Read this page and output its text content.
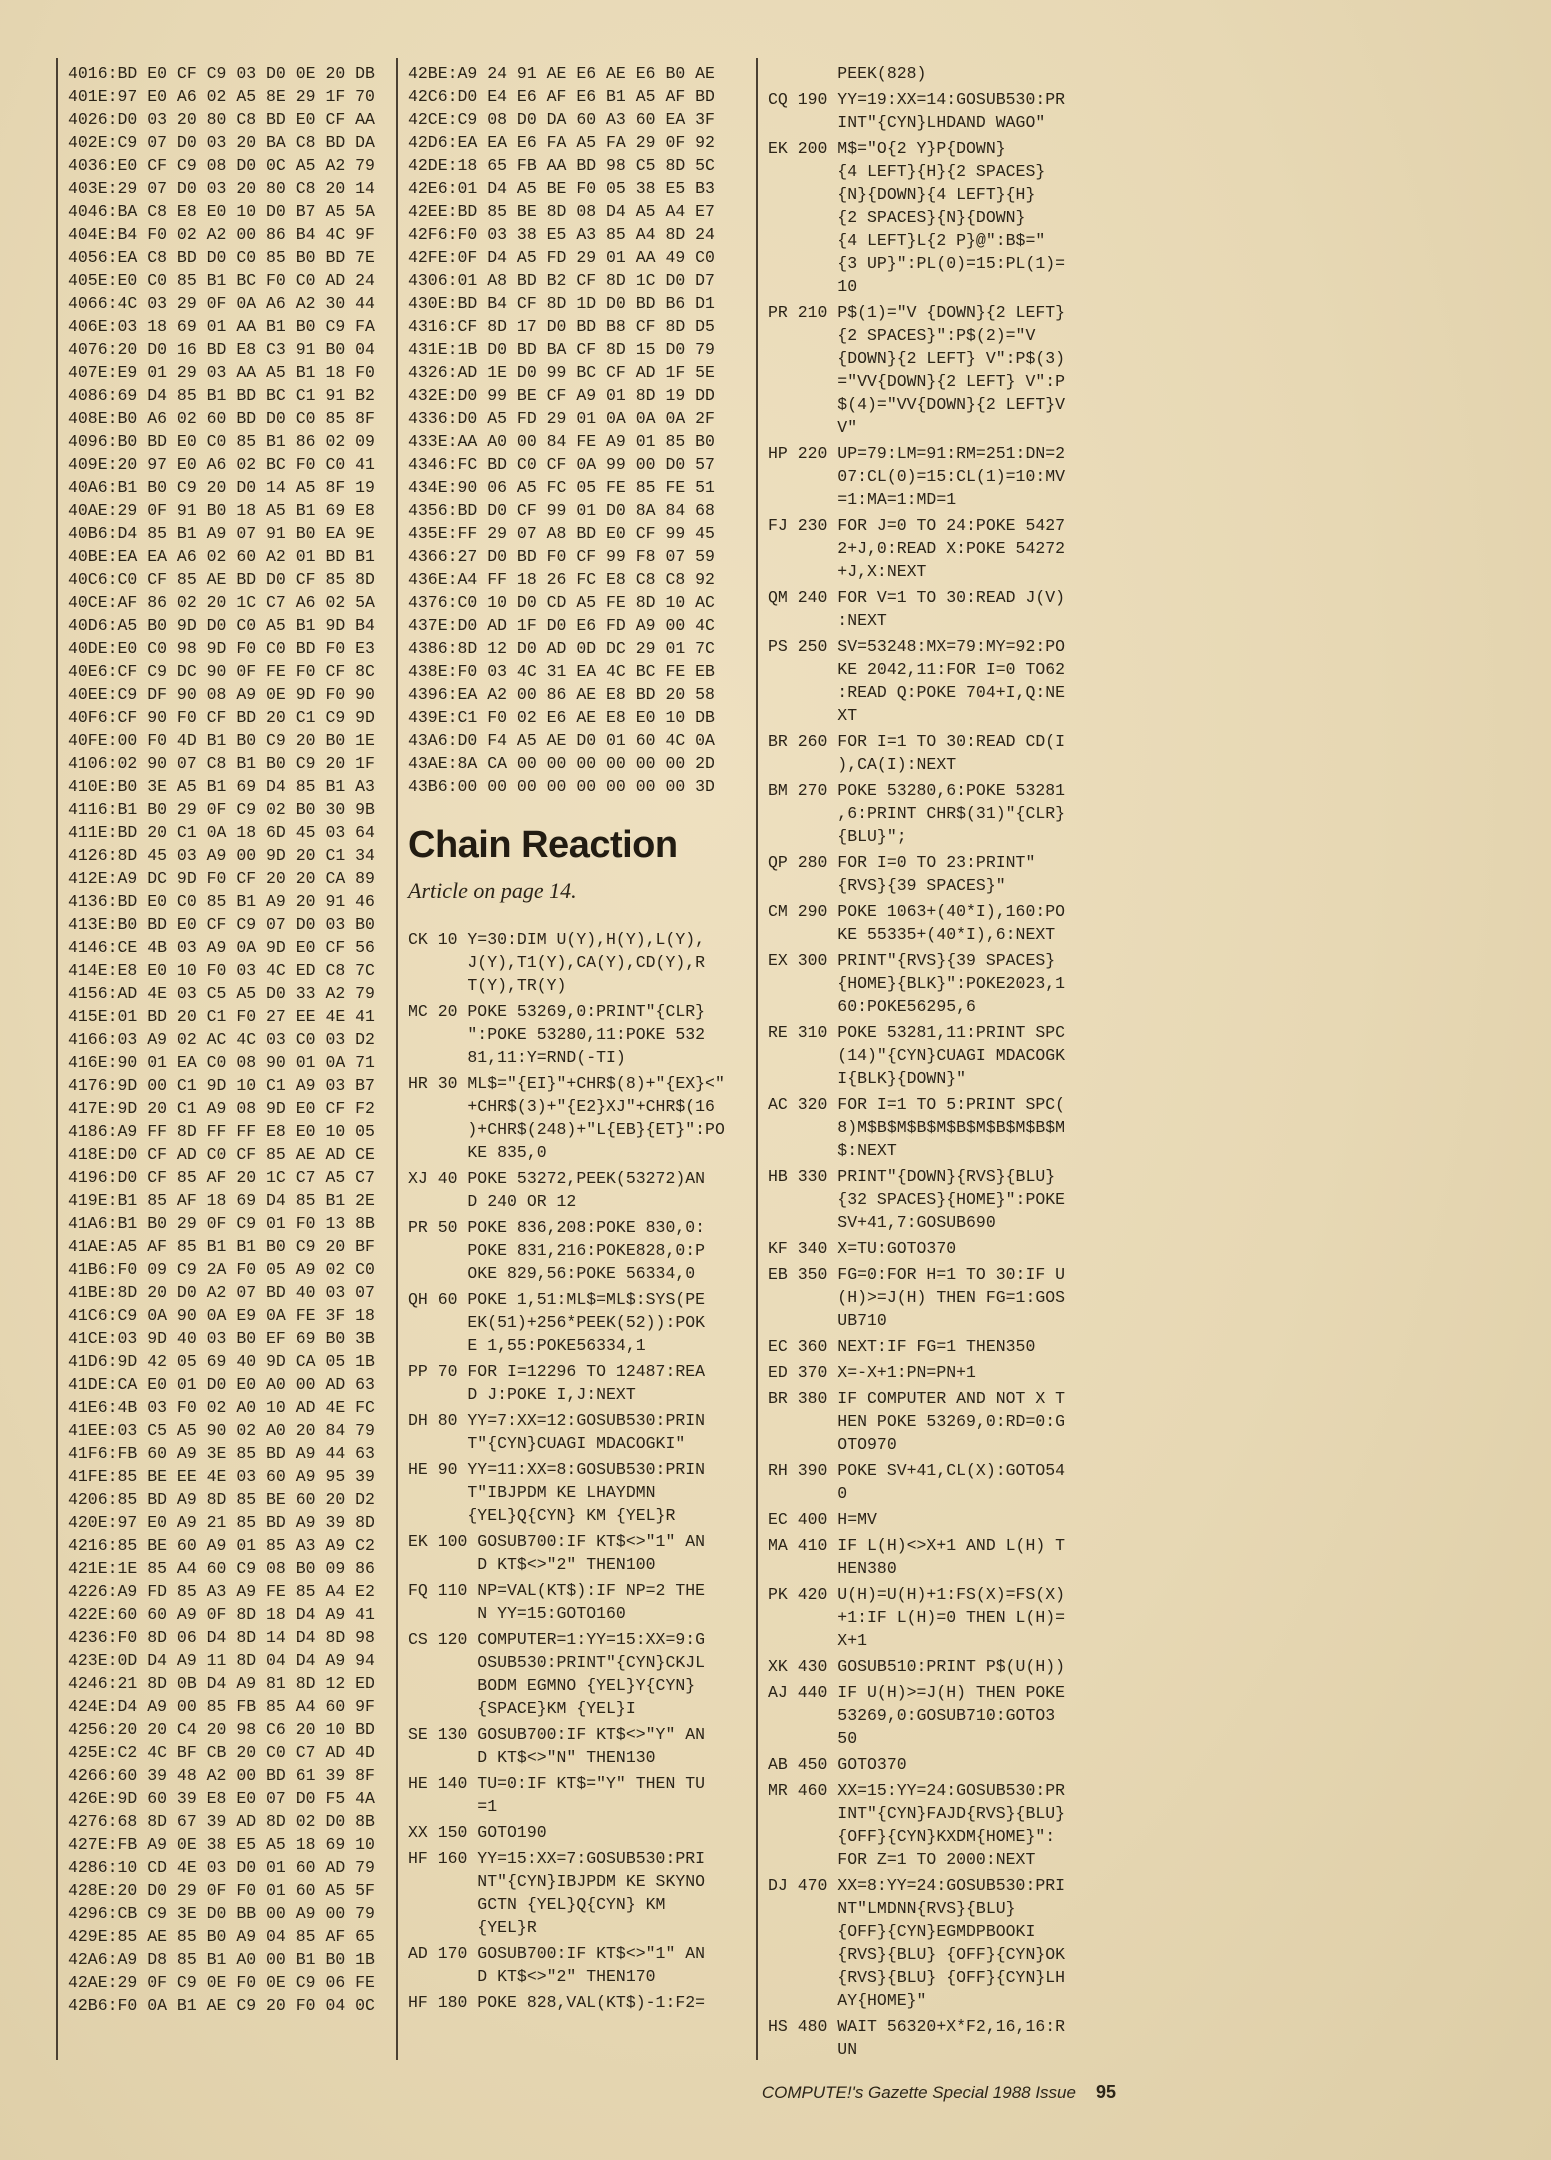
4016:BD E0 CF C9 03 D0 0E 20 DB
401E:97 E0 A6 02 A5 8E 29 1F 70
4026:D0 03 20 80 C8 BD E0 CF AA
402E:C9 07 D0 03 20 BA C8 BD DA
4036:E0 CF C9 08 D0 0C A5 A2 79
403E:29 07 D0 03 20 80 C8 20 14
4046:BA C8 E8 E0 10 D0 B7 A5 5A
404E:B4 F0 02 A2 00 86 B4 4C 9F
4056:EA C8 BD D0 C0 85 B0 BD 7E
405E:E0 C0 85 B1 BC F0 C0 AD 24
4066:4C 03 29 0F 0A A6 A2 30 44
406E:03 18 69 01 AA B1 B0 C9 FA
4076:20 D0 16 BD E8 C3 91 B0 04
407E:E9 01 29 03 AA A5 B1 18 F0
4086:69 D4 85 B1 BD BC C1 91 B2
408E:B0 A6 02 60 BD D0 C0 85 8F
4096:B0 BD E0 C0 85 B1 86 02 09
409E:20 97 E0 A6 02 BC F0 C0 41
40A6:B1 B0 C9 20 D0 14 A5 8F 19
40AE:29 0F 91 B0 18 A5 B1 69 E8
40B6:D4 85 B1 A9 07 91 B0 EA 9E
40BE:EA EA A6 02 60 A2 01 BD B1
40C6:C0 CF 85 AE BD D0 CF 85 8D
40CE:AF 86 02 20 1C C7 A6 02 5A
40D6:A5 B0 9D D0 C0 A5 B1 9D B4
40DE:E0 C0 98 9D F0 C0 BD F0 E3
40E6:CF C9 DC 90 0F FE F0 CF 8C
40EE:C9 DF 90 08 A9 0E 9D F0 90
40F6:CF 90 F0 CF BD 20 C1 C9 9D
40FE:00 F0 4D B1 B0 C9 20 B0 1E
4106:02 90 07 C8 B1 B0 C9 20 1F
410E:B0 3E A5 B1 69 D4 85 B1 A3
4116:B1 B0 29 0F C9 02 B0 30 9B
411E:BD 20 C1 0A 18 6D 45 03 64
4126:8D 45 03 A9 00 9D 20 C1 34
412E:A9 DC 9D F0 CF 20 20 CA 89
4136:BD E0 C0 85 B1 A9 20 91 46
413E:B0 BD E0 CF C9 07 D0 03 B0
4146:CE 4B 03 A9 0A 9D E0 CF 56
414E:E8 E0 10 F0 03 4C ED C8 7C
4156:AD 4E 03 C5 A5 D0 33 A2 79
415E:01 BD 20 C1 F0 27 EE 4E 41
4166:03 A9 02 AC 4C 03 C0 03 D2
416E:90 01 EA C0 08 90 01 0A 71
4176:9D 00 C1 9D 10 C1 A9 03 B7
417E:9D 20 C1 A9 08 9D E0 CF F2
4186:A9 FF 8D FF FF E8 E0 10 05
418E:D0 CF AD C0 CF 85 AE AD CE
4196:D0 CF 85 AF 20 1C C7 A5 C7
419E:B1 85 AF 18 69 D4 85 B1 2E
41A6:B1 B0 29 0F C9 01 F0 13 8B
41AE:A5 AF 85 B1 B1 B0 C9 20 BF
41B6:F0 09 C9 2A F0 05 A9 02 C0
41BE:8D 20 D0 A2 07 BD 40 03 07
41C6:C9 0A 90 0A E9 0A FE 3F 18
41CE:03 9D 40 03 B0 EF 69 B0 3B
41D6:9D 42 05 69 40 9D CA 05 1B
41DE:CA E0 01 D0 E0 A0 00 AD 63
41E6:4B 03 F0 02 A0 10 AD 4E FC
41EE:03 C5 A5 90 02 A0 20 84 79
41F6:FB 60 A9 3E 85 BD A9 44 63
41FE:85 BE EE 4E 03 60 A9 95 39
4206:85 BD A9 8D 85 BE 60 20 D2
420E:97 E0 A9 21 85 BD A9 39 8D
4216:85 BE 60 A9 01 85 A3 A9 C2
421E:1E 85 A4 60 C9 08 B0 09 86
4226:A9 FD 85 A3 A9 FE 85 A4 E2
422E:60 60 A9 0F 8D 18 D4 A9 41
4236:F0 8D 06 D4 8D 14 D4 8D 98
423E:0D D4 A9 11 8D 04 D4 A9 94
4246:21 8D 0B D4 A9 81 8D 12 ED
424E:D4 A9 00 85 FB 85 A4 60 9F
4256:20 20 C4 20 98 C6 20 10 BD
425E:C2 4C BF CB 20 C0 C7 AD 4D
4266:60 39 48 A2 00 BD 61 39 8F
426E:9D 60 39 E8 E0 07 D0 F5 4A
4276:68 8D 67 39 AD 8D 02 D0 8B
427E:FB A9 0E 38 E5 A5 18 69 10
4286:10 CD 4E 03 D0 01 60 AD 79
428E:20 D0 29 0F F0 01 60 A5 5F
4296:CB C9 3E D0 BB 00 A9 00 79
429E:85 AE 85 B0 A9 04 85 AF 65
42A6:A9 D8 85 B1 A0 00 B1 B0 1B
42AE:29 0F C9 0E F0 0E C9 06 FE
42B6:F0 0A B1 AE C9 20 F0 04 0C
42BE:A9 24 91 AE E6 AE E6 B0 AE
42C6:D0 E4 E6 AF E6 B1 A5 AF BD
42CE:C9 08 D0 DA 60 A3 60 EA 3F
42D6:EA EA E6 FA A5 FA 29 0F 92
42DE:18 65 FB AA BD 98 C5 8D 5C
42E6:01 D4 A5 BE F0 05 38 E5 B3
42EE:BD 85 BE 8D 08 D4 A5 A4 E7
42F6:F0 03 38 E5 A3 85 A4 8D 24
42FE:0F D4 A5 FD 29 01 AA 49 C0
4306:01 A8 BD B2 CF 8D 1C D0 D7
430E:BD B4 CF 8D 1D D0 BD B6 D1
4316:CF 8D 17 D0 BD B8 CF 8D D5
431E:1B D0 BD BA CF 8D 15 D0 79
4326:AD 1E D0 99 BC CF AD 1F 5E
432E:D0 99 BE CF A9 01 8D 19 DD
4336:D0 A5 FD 29 01 0A 0A 0A 2F
433E:AA A0 00 84 FE A9 01 85 B0
4346:FC BD C0 CF 0A 99 00 D0 57
434E:90 06 A5 FC 05 FE 85 FE 51
4356:BD D0 CF 99 01 D0 8A 84 68
435E:FF 29 07 A8 BD E0 CF 99 45
4366:27 D0 BD F0 CF 99 F8 07 59
436E:A4 FF 18 26 FC E8 C8 C8 92
4376:C0 10 D0 CD A5 FE 8D 10 AC
437E:D0 AD 1F D0 E6 FD A9 00 4C
4386:8D 12 D0 AD 0D DC 29 01 7C
438E:F0 03 4C 31 EA 4C BC FE EB
4396:EA A2 00 86 AE E8 BD 20 58
439E:C1 F0 02 E6 AE E8 E0 10 DB
43A6:D0 F4 A5 AE D0 01 60 4C 0A
43AE:8A CA 00 00 00 00 00 00 2D
43B6:00 00 00 00 00 00 00 00 3D
Chain Reaction
Article on page 14.
CK 10 Y=30:DIM U(Y),H(Y),L(Y),
J(Y),T1(Y),CA(Y),CD(Y),R
T(Y),TR(Y)
MC 20 POKE 53269,0:PRINT"{CLR}
":POKE 53280,11:POKE 532
81,11:Y=RND(-TI)
HR 30 ML$="{EI}"+CHR$(8)+"{EX}<"
+CHR$(3)+"{E2}XJ"+CHR$(16
)+CHR$(248)+"L{EB}{ET}":PO
KE 835,0
XJ 40 POKE 53272,PEEK(53272)AN
D 240 OR 12
PR 50 POKE 836,208:POKE 830,0:
POKE 831,216:POKE828,0:P
OKE 829,56:POKE 56334,0
QH 60 POKE 1,51:ML$=ML$:SYS(PE
EK(51)+256*PEEK(52)):POK
E 1,55:POKE56334,1
PP 70 FOR I=12296 TO 12487:REA
D J:POKE I,J:NEXT
DH 80 YY=7:XX=12:GOSUB530:PRIN
T"{CYN}CUAGI MDACOGKI"
HE 90 YY=11:XX=8:GOSUB530:PRIN
T"IBJPDM KE LHAYDMN
{YEL}Q{CYN} KM {YEL}R
EK 100 GOSUB700:IF KT$<>"1" AN
D KT$<>"2" THEN100
FQ 110 NP=VAL(KT$):IF NP=2 THE
N YY=15:GOTO160
CS 120 COMPUTER=1:YY=15:XX=9:G
OSUB530:PRINT"{CYN}CKJL
BODM EGMNO {YEL}Y{CYN}
{SPACE}KM {YEL}I
SE 130 GOSUB700:IF KT$<>"Y" AN
D KT$<>"N" THEN130
HE 140 TU=0:IF KT$="Y" THEN TU
=1
XX 150 GOTO190
HF 160 YY=15:XX=7:GOSUB530:PRI
NT"{CYN}IBJPDM KE SKYNO
GCTN {YEL}Q{CYN} KM
{YEL}R
AD 170 GOSUB700:IF KT$<>"1" AN
D KT$<>"2" THEN170
HF 180 POKE 828,VAL(KT$)-1:F2=
PEEK(828)
CQ 190 YY=19:XX=14:GOSUB530:PR
INT"{CYN}LHDAND WAGO"
EK 200 M$="O{2 Y}P{DOWN}
{4 LEFT}{H}{2 SPACES}
{N}{DOWN}{4 LEFT}{H}
{2 SPACES}{N}{DOWN}
{4 LEFT}L{2 P}@":B$="
{3 UP}":PL(0)=15:PL(1)=
10
PR 210 P$(1)="V {DOWN}{2 LEFT}
{2 SPACES}":P$(2)="V
{DOWN}{2 LEFT} V":P$(3)
="VV{DOWN}{2 LEFT} V":P
$(4)="VV{DOWN}{2 LEFT}V
V"
HP 220 UP=79:LM=91:RM=251:DN=2
07:CL(0)=15:CL(1)=10:MV
=1:MA=1:MD=1
FJ 230 FOR J=0 TO 24:POKE 5427
2+J,0:READ X:POKE 54272
+J,X:NEXT
QM 240 FOR V=1 TO 30:READ J(V)
:NEXT
PS 250 SV=53248:MX=79:MY=92:PO
KE 2042,11:FOR I=0 TO62
:READ Q:POKE 704+I,Q:NE
XT
BR 260 FOR I=1 TO 30:READ CD(I
),CA(I):NEXT
BM 270 POKE 53280,6:POKE 53281
,6:PRINT CHR$(31)"{CLR}
{BLU}";
QP 280 FOR I=0 TO 23:PRINT"
{RVS}{39 SPACES}"
CM 290 POKE 1063+(40*I),160:PO
KE 55335+(40*I),6:NEXT
EX 300 PRINT"{RVS}{39 SPACES}
{HOME}{BLK}":POKE2023,1
60:POKE56295,6
RE 310 POKE 53281,11:PRINT SPC
(14)"{CYN}CUAGI MDACOGK
I{BLK}{DOWN}"
AC 320 FOR I=1 TO 5:PRINT SPC(
8)M$B$M$B$M$B$M$B$M$B$M
$:NEXT
HB 330 PRINT"{DOWN}{RVS}{BLU}
{32 SPACES}{HOME}":POKE
SV+41,7:GOSUB690
KF 340 X=TU:GOTO370
EB 350 FG=0:FOR H=1 TO 30:IF U
(H)>=J(H) THEN FG=1:GOS
UB710
EC 360 NEXT:IF FG=1 THEN350
ED 370 X=-X+1:PN=PN+1
BR 380 IF COMPUTER AND NOT X T
HEN POKE 53269,0:RD=0:G
OTO970
RH 390 POKE SV+41,CL(X):GOTO54
0
EC 400 H=MV
MA 410 IF L(H)<>X+1 AND L(H) T
HEN380
PK 420 U(H)=U(H)+1:FS(X)=FS(X)
+1:IF L(H)=0 THEN L(H)=
X+1
XK 430 GOSUB510:PRINT P$(U(H))
AJ 440 IF U(H)>=J(H) THEN POKE
53269,0:GOSUB710:GOTO3
50
AB 450 GOTO370
MR 460 XX=15:YY=24:GOSUB530:PR
INT"{CYN}FAJD{RVS}{BLU}
{OFF}{CYN}KXDM{HOME}":
FOR Z=1 TO 2000:NEXT
DJ 470 XX=8:YY=24:GOSUB530:PRI
NT"LMDNN{RVS}{BLU}
{OFF}{CYN}EGMDPBOOKI
{RVS}{BLU} {OFF}{CYN}OK
{RVS}{BLU} {OFF}{CYN}LH
AY{HOME}"
HS 480 WAIT 56320+X*F2,16,16:R
UN
COMPUTE!'s Gazette Special 1988 Issue 95
